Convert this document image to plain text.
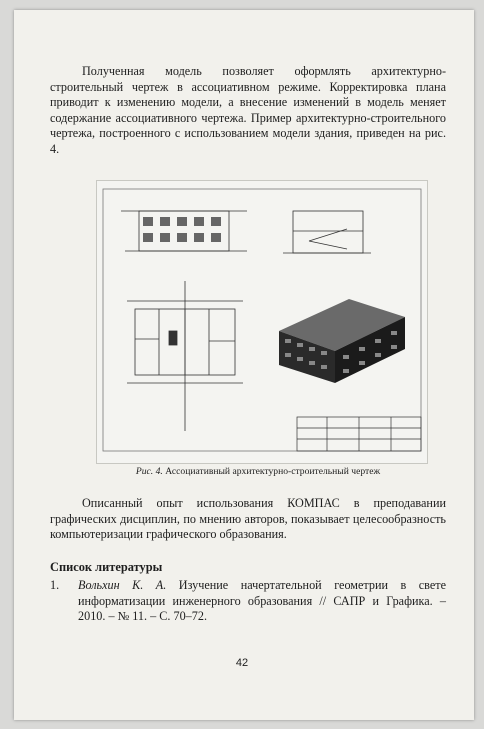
Полученная модель позволяет оформлять архитектурно-строительный чертеж в ассоциативном режиме. Корректировка плана приводит к изменению модели, а внесение изменений в модель меняет содержание ассоциативного чертежа. Пример архитектурно-строительного чертежа, построенного с использованием модели здания, приведен на рис. 4.

Рис. 4. Ассоциативный архитектурно-строительный чертеж

Описанный опыт использования КОМПАС в преподавании графических дисциплин, по мнению авторов, показывает целесообразность компьютеризации графического образования.

Список литературы
1. Вольхин К. А. Изучение начертательной геометрии в свете информатизации инженерного образования // САПР и Графика. – 2010. – № 11. – С. 70–72.
42
